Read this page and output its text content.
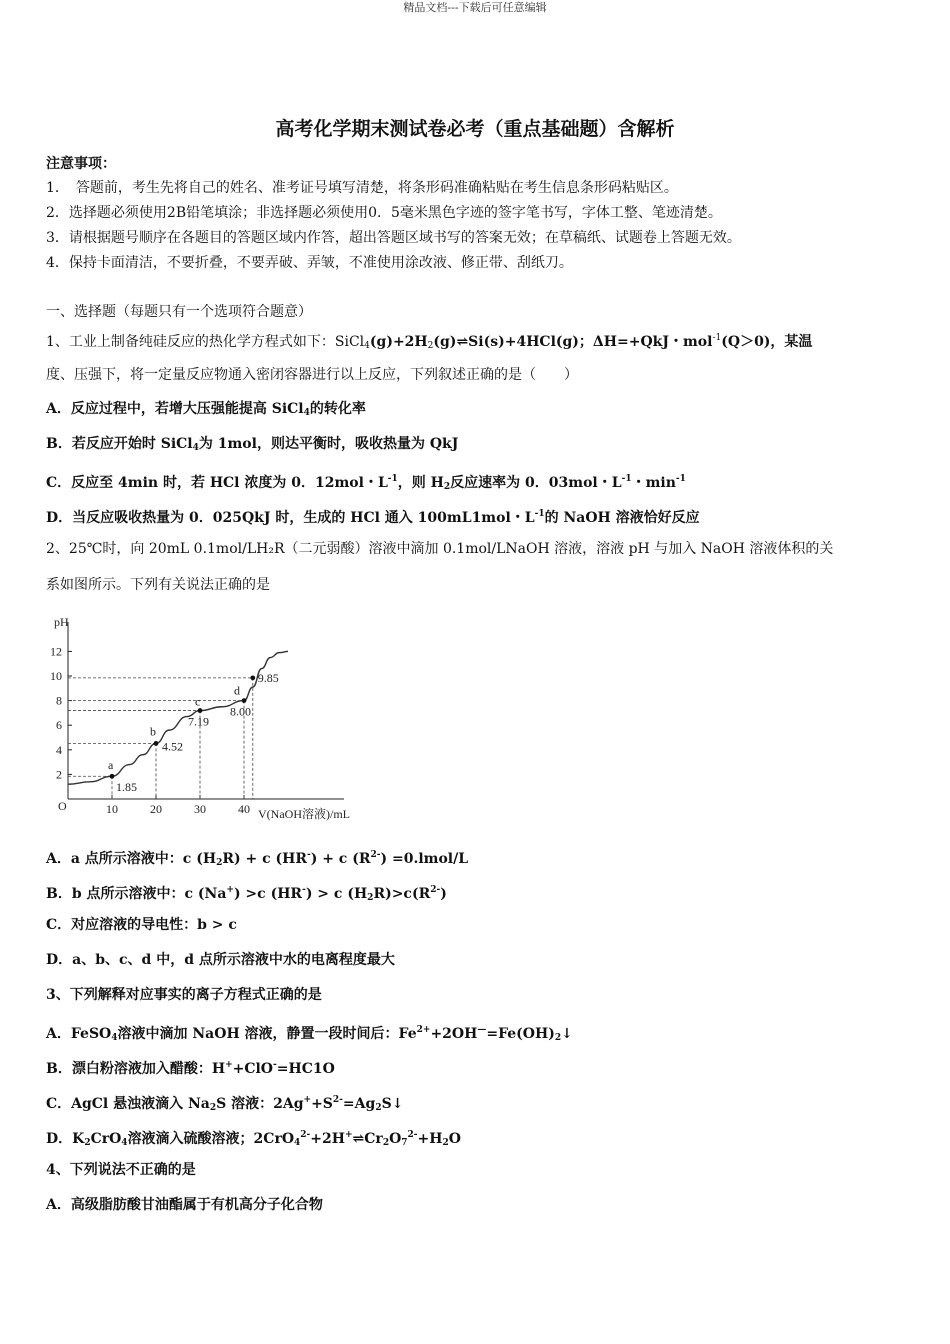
精品文档---下载后可任意编辑
高考化学期末测试卷必考（重点基础题）含解析
注意事项：
1．　答题前，考生先将自己的姓名、准考证号填写清楚，将条形码准确粘贴在考生信息条形码粘贴区。
2．选择题必须使用2B铅笔填涂；非选择题必须使用0．5毫米黑色字迹的签字笔书写，字体工整、笔迹清楚。
3．请根据题号顺序在各题目的答题区域内作答，超出答题区域书写的答案无效；在草稿纸、试题卷上答题无效。
4．保持卡面清洁，不要折叠，不要弄破、弄皱，不准使用涂改液、修正带、刮纸刀。
一、选择题（每题只有一个选项符合题意）
1、工业上制备纯硅反应的热化学方程式如下：$SiCl_4(g)+2H_2(g)\rightleftharpoons Si(s)+4HCl(g)$；ΔH=+QkJ・mol$^{-1}$(Q＞0)，某温
度、压强下，将一定量反应物通入密闭容器进行以上反应，下列叙述正确的是（　　）
A．反应过程中，若增大压强能提高 SiCl$_4$的转化率
B．若反应开始时 SiCl$_4$为 1mol，则达平衡时，吸收热量为 QkJ
C．反应至 4min 时，若 HCl 浓度为 0．12mol・$L^{-1}$，则 $H_2$反应速率为 0．03mol・$L^{-1}$・$\min^{-1}$
D．当反应吸收热量为 0．025QkJ 时，生成的 HCl 通入 100mL1mol・$L^{-1}$的 NaOH 溶液恰好反应
2、25℃时，向 20mL 0.1mol/LH₂R（二元弱酸）溶液中滴加 0.1mol/LNaOH 溶液，溶液 pH 与加入 NaOH 溶液体积的关
系如图所示。下列有关说法正确的是
pH
O
V(NaOH溶液)/mL
2
4
6
8
10
12
10	20	30	40
a
1.85
b
4.52
c
7.19
d
8.00
9.85
A．a 点所示溶液中：c $(H_2R) + c$ (HR-) + c $(R^{2-})$ =0.lmol/L
B．b 点所示溶液中：c (Na+) >c (HR-) > c $(H_2R)>c(R^{2-})$
C．对应溶液的导电性：b > c
D．a、b、c、d 中，d 点所示溶液中水的电离程度最大
3、下列解释对应事实的离子方程式正确的是
A．FeSO$_4$溶液中滴加 NaOH 溶液，静置一段时间后：$Fe^{2+}+2OH^—=Fe(OH)_2↓$
B．漂白粉溶液加入醋酸：H++ClO-=HC1O
C．AgCl 悬浊液滴入 $Na_2S$ 溶液：$2Ag^++S^{2-}=Ag_2S↓$
D．$K_2CrO_4$溶液滴入硫酸溶液；$2CrO_4^{2-}+2H^+\rightleftharpoons Cr_2O_7^{2-}+H_2O$
4、下列说法不正确的是
A．高级脂肪酸甘油酯属于有机高分子化合物
